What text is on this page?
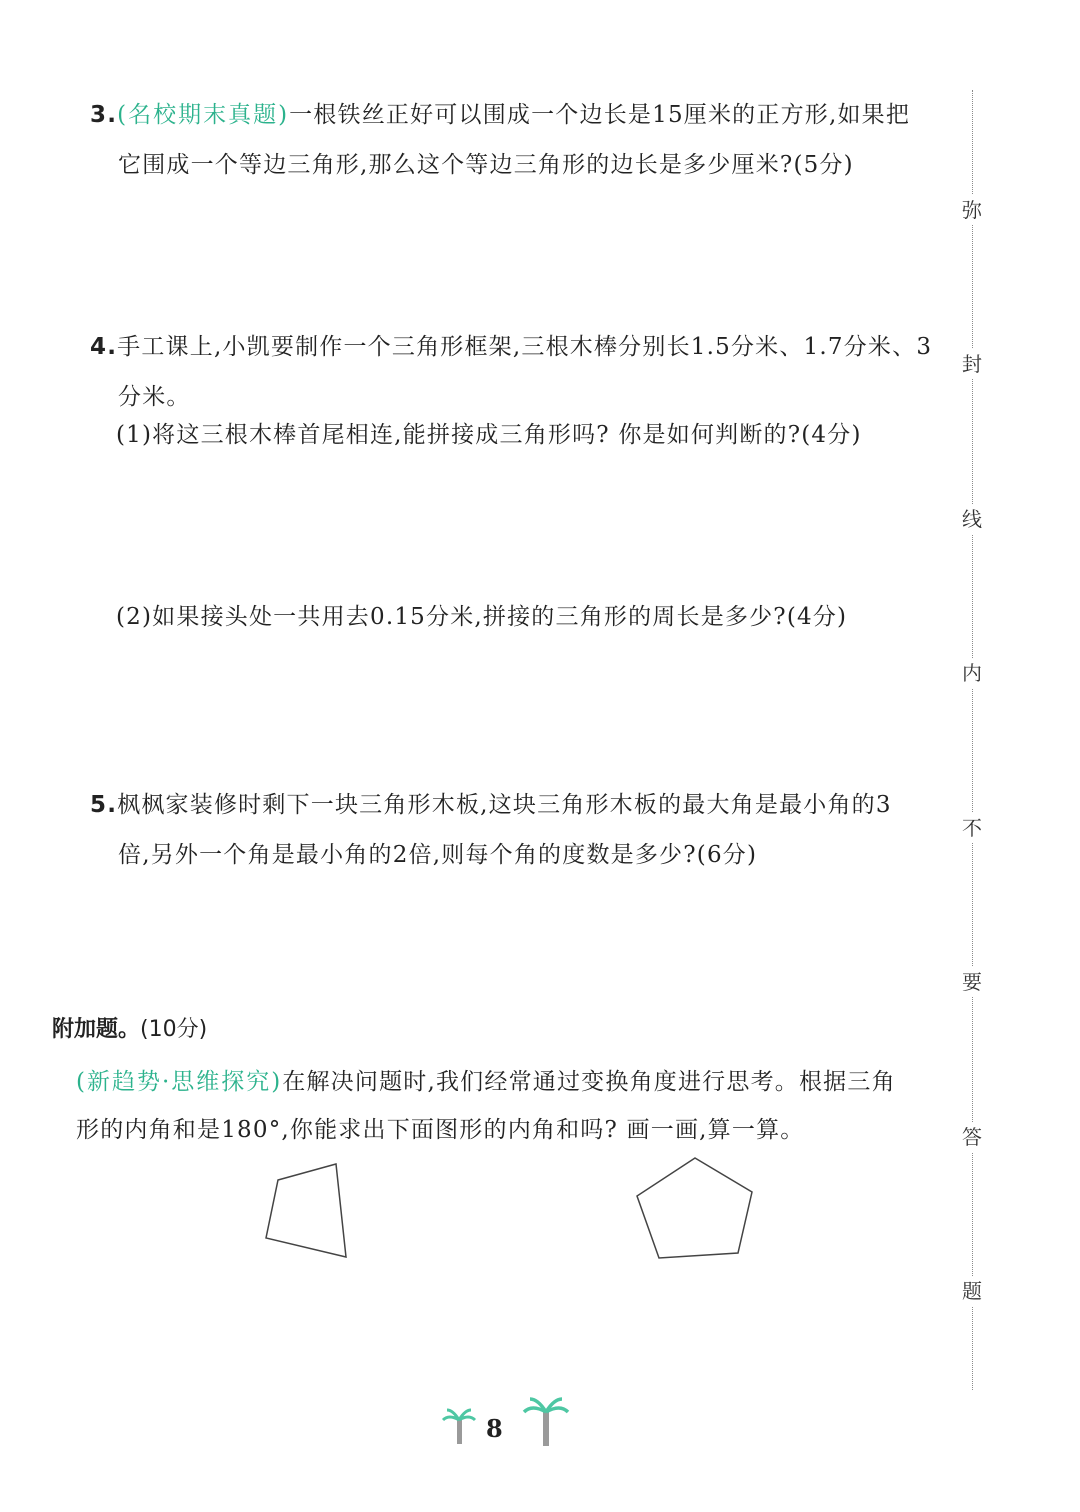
3.(名校期末真题)一根铁丝正好可以围成一个边长是15厘米的正方形,如果把
它围成一个等边三角形,那么这个等边三角形的边长是多少厘米?(5分)
4.手工课上,小凯要制作一个三角形框架,三根木棒分别长1.5分米、1.7分米、3
分米。
(1)将这三根木棒首尾相连,能拼接成三角形吗? 你是如何判断的?(4分)
(2)如果接头处一共用去0.15分米,拼接的三角形的周长是多少?(4分)
5.枫枫家装修时剩下一块三角形木板,这块三角形木板的最大角是最小角的3
倍,另外一个角是最小角的2倍,则每个角的度数是多少?(6分)
附加题。(10分)
(新趋势·思维探究)在解决问题时,我们经常通过变换角度进行思考。根据三角
形的内角和是180°,你能求出下面图形的内角和吗? 画一画,算一算。
弥
封
线
内
不
要
答
题
8
